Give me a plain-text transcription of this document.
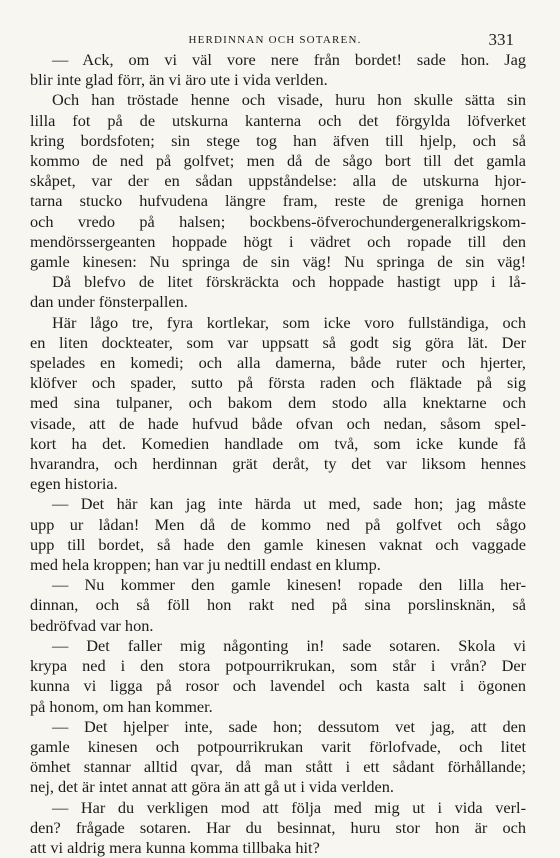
HERDINNAN OCH SOTAREN.	331
— Ack, om vi väl vore nere från bordet! sade hon. Jag
blir inte glad förr, än vi äro ute i vida verlden.
Och han tröstade henne och visade, huru hon skulle sätta sin
lilla fot på de utskurna kanterna och det förgylda löfverket
kring bordsfoten; sin stege tog han äfven till hjelp, och så
kommo de ned på golfvet; men då de sågo bort till det gamla
skåpet, var der en sådan uppståndelse: alla de utskurna hjor-
tarna stucko hufvudena längre fram, reste de greniga hornen
och vredo på halsen; bockbens-öfverochundergeneralkrigskom-
mendörssergeanten hoppade högt i vädret och ropade till den
gamle kinesen: Nu springa de sin väg! Nu springa de sin väg!
Då blefvo de litet förskräckta och hoppade hastigt upp i lå-
dan under fönsterpallen.
Här lågo tre, fyra kortlekar, som icke voro fullständiga, och
en liten dockteater, som var uppsatt så godt sig göra lät. Der
spelades en komedi; och alla damerna, både ruter och hjerter,
klöfver och spader, sutto på första raden och fläktade på sig
med sina tulpaner, och bakom dem stodo alla knektarne och
visade, att de hade hufvud både ofvan och nedan, såsom spel-
kort ha det. Komedien handlade om två, som icke kunde få
hvarandra, och herdinnan grät deråt, ty det var liksom hennes
egen historia.
— Det här kan jag inte härda ut med, sade hon; jag måste
upp ur lådan! Men då de kommo ned på golfvet och sågo
upp till bordet, så hade den gamle kinesen vaknat och vaggade
med hela kroppen; han var ju nedtill endast en klump.
— Nu kommer den gamle kinesen! ropade den lilla her-
dinnan, och så föll hon rakt ned på sina porslinsknän, så
bedröfvad var hon.
— Det faller mig någonting in! sade sotaren. Skola vi
krypa ned i den stora potpourrikrukan, som står i vrån? Der
kunna vi ligga på rosor och lavendel och kasta salt i ögonen
på honom, om han kommer.
— Det hjelper inte, sade hon; dessutom vet jag, att den
gamle kinesen och potpourrikrukan varit förlofvade, och litet
ömhet stannar alltid qvar, då man stått i ett sådant förhållande;
nej, det är intet annat att göra än att gå ut i vida verlden.
— Har du verkligen mod att följa med mig ut i vida verl-
den? frågade sotaren. Har du besinnat, huru stor hon är och
att vi aldrig mera kunna komma tillbaka hit?
